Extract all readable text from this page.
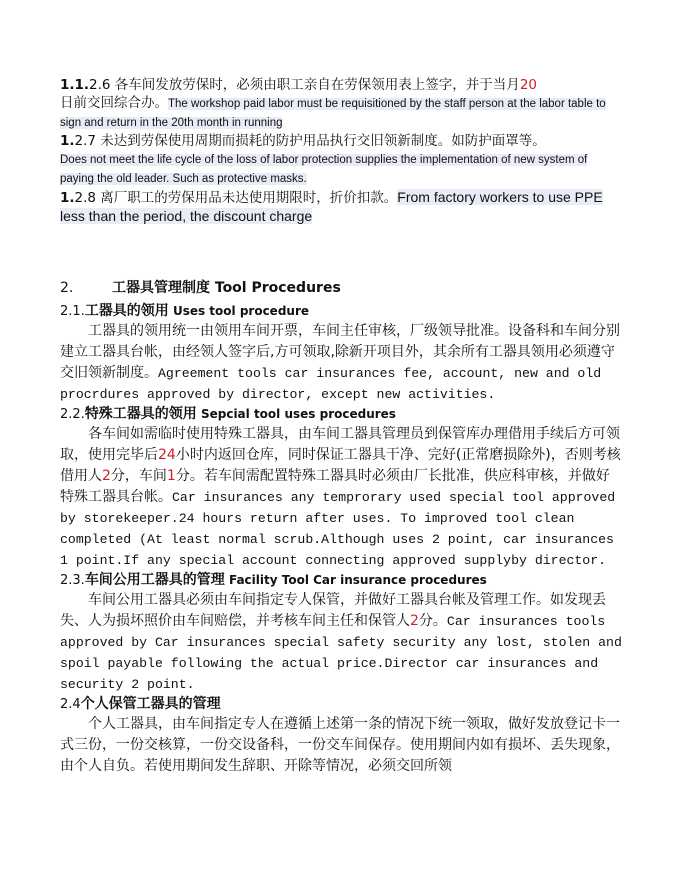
1.1.2.6 各车间发放劳保时，必须由职工亲自在劳保领用表上签字，并于当月20
日前交回综合办。The workshop paid labor must be requisitioned by the staff person at the labor table to sign and return in the 20th month in running

1.2.7 未达到劳保使用周期而损耗的防护用品执行交旧领新制度。如防护面罩等。
Does not meet the life cycle of the loss of labor protection supplies the implementation of new system of paying the old leader. Such as protective masks.

1.2.8 离厂职工的劳保用品未达使用期限时，折价扣款。From factory workers to use PPE less than the period, the discount charge

2.	工器具管理制度 Tool Procedures

2.1.工器具的领用 Uses tool procedure

工器具的领用统一由领用车间开票，车间主任审核，厂级领导批准。设备科和车间分别建立工器具台帐，由经领人签字后,方可领取,除新开项目外，其余所有工器具领用必须遵守交旧领新制度。Agreement tools car insurances fee, account, new and old procrdures approved by director, except new activities.

2.2.特殊工器具的领用 Sepcial tool uses procedures

各车间如需临时使用特殊工器具，由车间工器具管理员到保管库办理借用手续后方可领取，使用完毕后24小时内返回仓库，同时保证工器具干净、完好(正常磨损除外)，否则考核借用人2分，车间1分。若车间需配置特殊工器具时必须由厂长批准，供应科审核，并做好特殊工器具台帐。Car insurances any temprorary used special tool approved by storekeeper.24 hours return after uses. To improved tool clean completed (At least normal scrub.Although uses 2 point, car insurances 1 point.If any special account connecting approved supplyby director.

2.3.车间公用工器具的管理 Facility Tool Car insurance procedures

车间公用工器具必须由车间指定专人保管，并做好工器具台帐及管理工作。如发现丢失、人为损坏照价由车间赔偿，并考核车间主任和保管人2分。Car insurances tools approved by Car insurances special safety security any lost, stolen and spoil payable following the actual price.Director car insurances and security 2 point.

2.4个人保管工器具的管理

个人工器具，由车间指定专人在遵循上述第一条的情况下统一领取，做好发放登记卡一式三份，一份交核算，一份交设备科，一份交车间保存。使用期间内如有损坏、丢失现象，由个人自负。若使用期间发生辞职、开除等情况，必须交回所领
